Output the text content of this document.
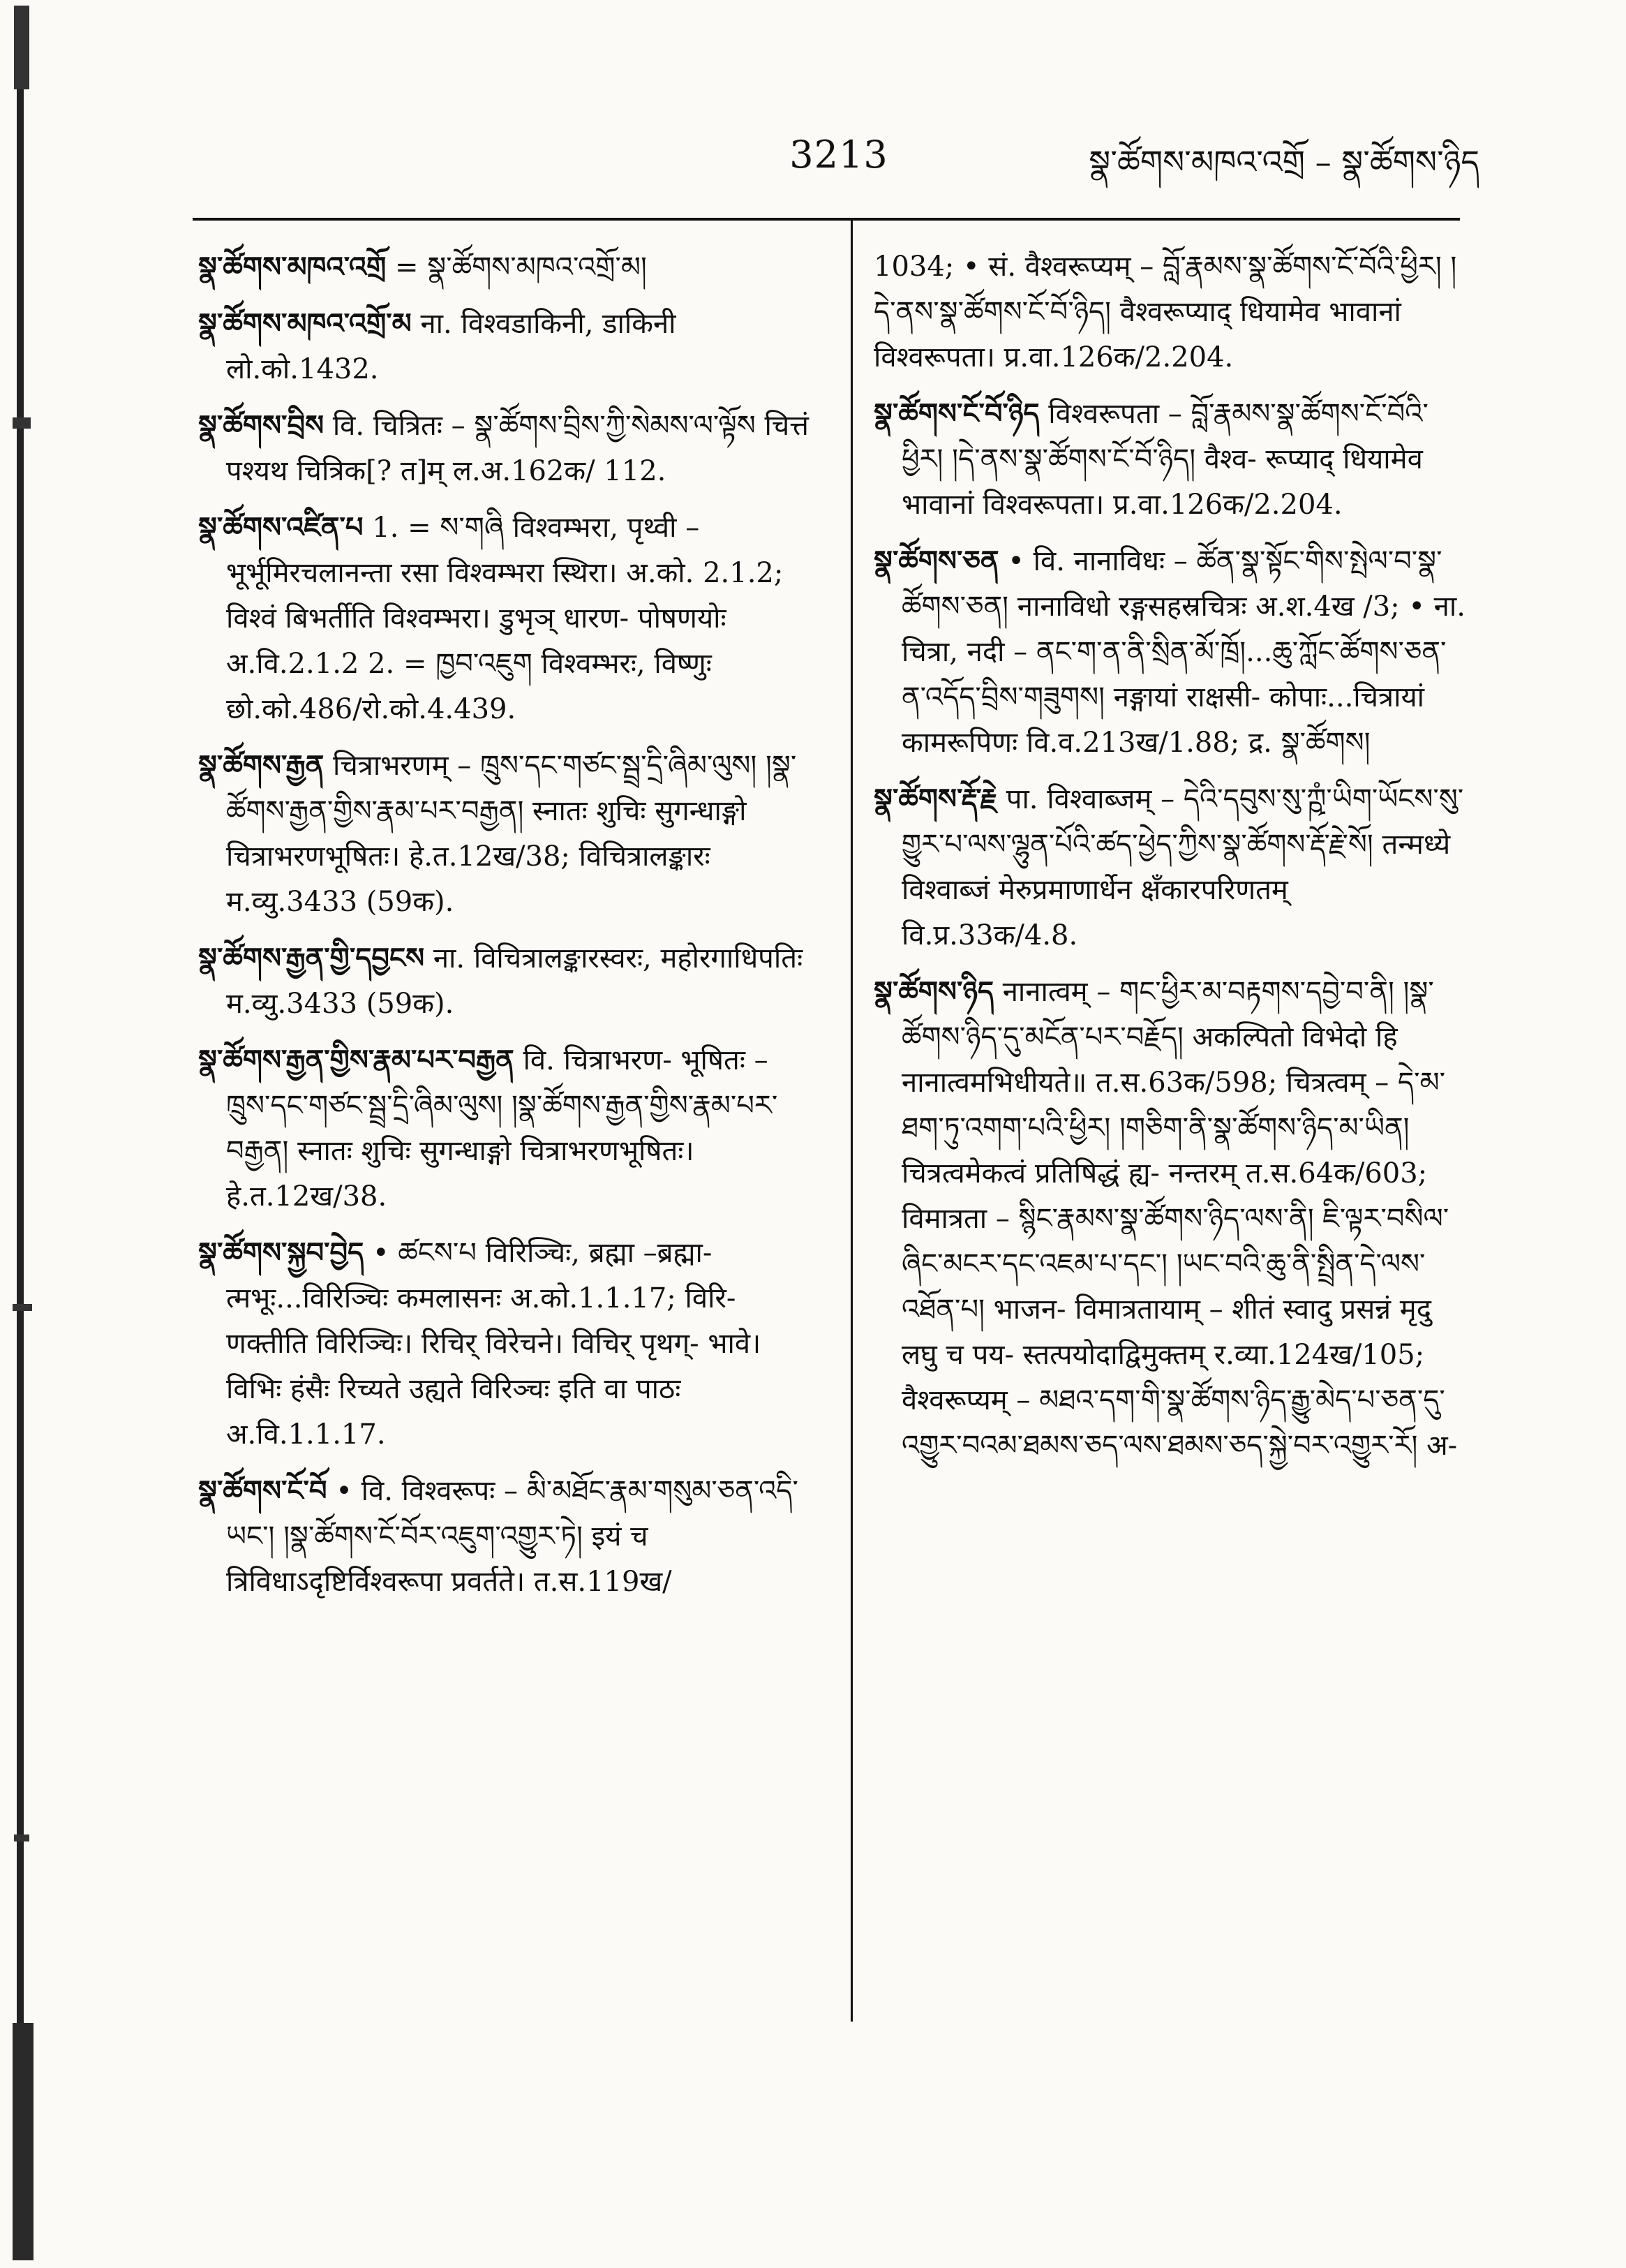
3213	སྣ་ཚོགས་མཁའ་འགྲོ – སྣ་ཚོགས་ཉིད

སྣ་ཚོགས་མཁའ་འགྲོ = སྣ་ཚོགས་མཁའ་འགྲོ་མ།

སྣ་ཚོགས་མཁའ་འགྲོ་མ ना. विश्वडाकिनी, डाकिनी लो.को.1432.

སྣ་ཚོགས་བྲིས वि. चित्रितः – སྣ་ཚོགས་བྲིས་ཀྱི་སེམས་ལ་ལྟོས चित्तं पश्यथ चित्रिक[? त]म् ल.अ.162क/ 112.

སྣ་ཚོགས་འཛིན་པ 1. = ས་གཞི विश्वम्भरा, पृथ्वी – भूर्भूमिरचलानन्ता रसा विश्वम्भरा स्थिरा। अ.को. 2.1.2; विश्वं बिभर्तीति विश्वम्भरा। डुभृञ् धारण- पोषणयोः अ.वि.2.1.2 2. = ཁྱབ་འཇུག विश्वम्भरः, विष्णुः छो.को.486/रो.को.4.439.

སྣ་ཚོགས་རྒྱན चित्राभरणम् – ཁྲུས་དང་གཙང་སྦྲ་དྲི་ཞིམ་ལུས། །སྣ་ཚོགས་རྒྱན་གྱིས་རྣམ་པར་བརྒྱན། स्नातः शुचिः सुगन्धाङ्गो चित्राभरणभूषितः। हे.त.12ख/38; विचित्रालङ्कारः म.व्यु.3433 (59क).

སྣ་ཚོགས་རྒྱན་གྱི་དབྱངས ना. विचित्रालङ्कारस्वरः, महोरगाधिपतिः म.व्यु.3433 (59क).

སྣ་ཚོགས་རྒྱན་གྱིས་རྣམ་པར་བརྒྱན वि. चित्राभरण- भूषितः – ཁྲུས་དང་གཙང་སྦྲ་དྲི་ཞིམ་ལུས། །སྣ་ཚོགས་རྒྱན་གྱིས་རྣམ་པར་བརྒྱན། स्नातः शुचिः सुगन्धाङ्गो चित्राभरणभूषितः। हे.त.12ख/38.

སྣ་ཚོགས་སྐྱབ་བྱེད • ཚངས་པ विरिञ्चिः, ब्रह्मा –ब्रह्मा- त्मभूः...विरिञ्चिः कमलासनः अ.को.1.1.17; विरि- णक्तीति विरिञ्चिः। रिचिर् विरेचने। विचिर् पृथग्- भावे। विभिः हंसैः रिच्यते उह्यते विरिञ्चः इति वा पाठः अ.वि.1.1.17.

སྣ་ཚོགས་ངོ་བོ • वि. विश्वरूपः – མི་མཐོང་རྣམ་གསུམ་ཅན་འདི་ཡང་། །སྣ་ཚོགས་ངོ་བོར་འཇུག་འགྱུར་ཏེ། इयं च त्रिविधाऽदृष्टिर्विश्वरूपा प्रवर्तते। त.स.119ख/

1034; • सं. वैश्वरूप्यम् – བློ་རྣམས་སྣ་ཚོགས་ངོ་བོའི་ཕྱིར། །དེ་ནས་སྣ་ཚོགས་ངོ་བོ་ཉིད། वैश्वरूप्याद् धियामेव भावानां विश्वरूपता। प्र.वा.126क/2.204.

སྣ་ཚོགས་ངོ་བོ་ཉིད विश्वरूपता – བློ་རྣམས་སྣ་ཚོགས་ངོ་བོའི་ཕྱིར། །དེ་ནས་སྣ་ཚོགས་ངོ་བོ་ཉིད། वैश्व- रूप्याद् धियामेव भावानां विश्वरूपता। प्र.वा.126क/2.204.

སྣ་ཚོགས་ཅན • वि. नानाविधः – ཚོན་སྣ་སྟོང་གིས་སྤེལ་བ་སྣ་ཚོགས་ཅན། नानाविधो रङ्गसहस्रचित्रः अ.श.4ख /3; • ना. चित्रा, नदी – ནང་ག་ན་ནི་སྲིན་མོ་ཁྲོ།...ཆུ་ཀློང་ཚོགས་ཅན་ན་འདོད་བྲིས་གཟུགས། नङ्गायां राक्षसी- कोपाः...चित्रायां कामरूपिणः वि.व.213ख/1.88; द्र. སྣ་ཚོགས།

སྣ་ཚོགས་རྡོ་རྗེ पा. विश्वाब्जम् – དེའི་དབུས་སུ་ཀྵཾ་ཡིག་ཡོངས་སུ་གྱུར་པ་ལས་ལྷུན་པོའི་ཚད་ཕྱེད་ཀྱིས་སྣ་ཚོགས་རྡོ་རྗེ་སོ། तन्मध्ये विश्वाब्जं मेरुप्रमाणार्धेन क्षँकारपरिणतम् वि.प्र.33क/4.8.

སྣ་ཚོགས་ཉིད नानात्वम् – གང་ཕྱིར་མ་བརྟགས་དབྱེ་བ་ནི། །སྣ་ཚོགས་ཉིད་དུ་མངོན་པར་བརྗོད། अकल्पितो विभेदो हि नानात्वमभिधीयते॥ त.स.63क/598; चित्रत्वम् – དེ་མ་ཐག་ཏུ་འགག་པའི་ཕྱིར། །གཅིག་ནི་སྣ་ཚོགས་ཉིད་མ་ཡིན། चित्रत्वमेकत्वं प्रतिषिद्धं ह्य- नन्तरम् त.स.64क/603; विमात्रता – སྙིང་རྣམས་སྣ་ཚོགས་ཉིད་ལས་ནི། ཇི་ལྟར་བསིལ་ཞིང་མངར་དང་འཇམ་པ་དང་། །ཡང་བའི་ཆུ་ནི་སྤྲིན་དེ་ལས་འཐོན་པ། भाजन- विमात्रतायाम् – शीतं स्वादु प्रसन्नं मृदु लघु च पय- स्तत्पयोदाद्विमुक्तम् र.व्या.124ख/105; वैश्वरूप्यम् – མཐའ་དག་གི་སྣ་ཚོགས་ཉིད་རྒྱུ་མེད་པ་ཅན་དུ་འགྱུར་བའམ་ཐམས་ཅད་ལས་ཐམས་ཅད་སྐྱེ་བར་འགྱུར་རོ། अ-
